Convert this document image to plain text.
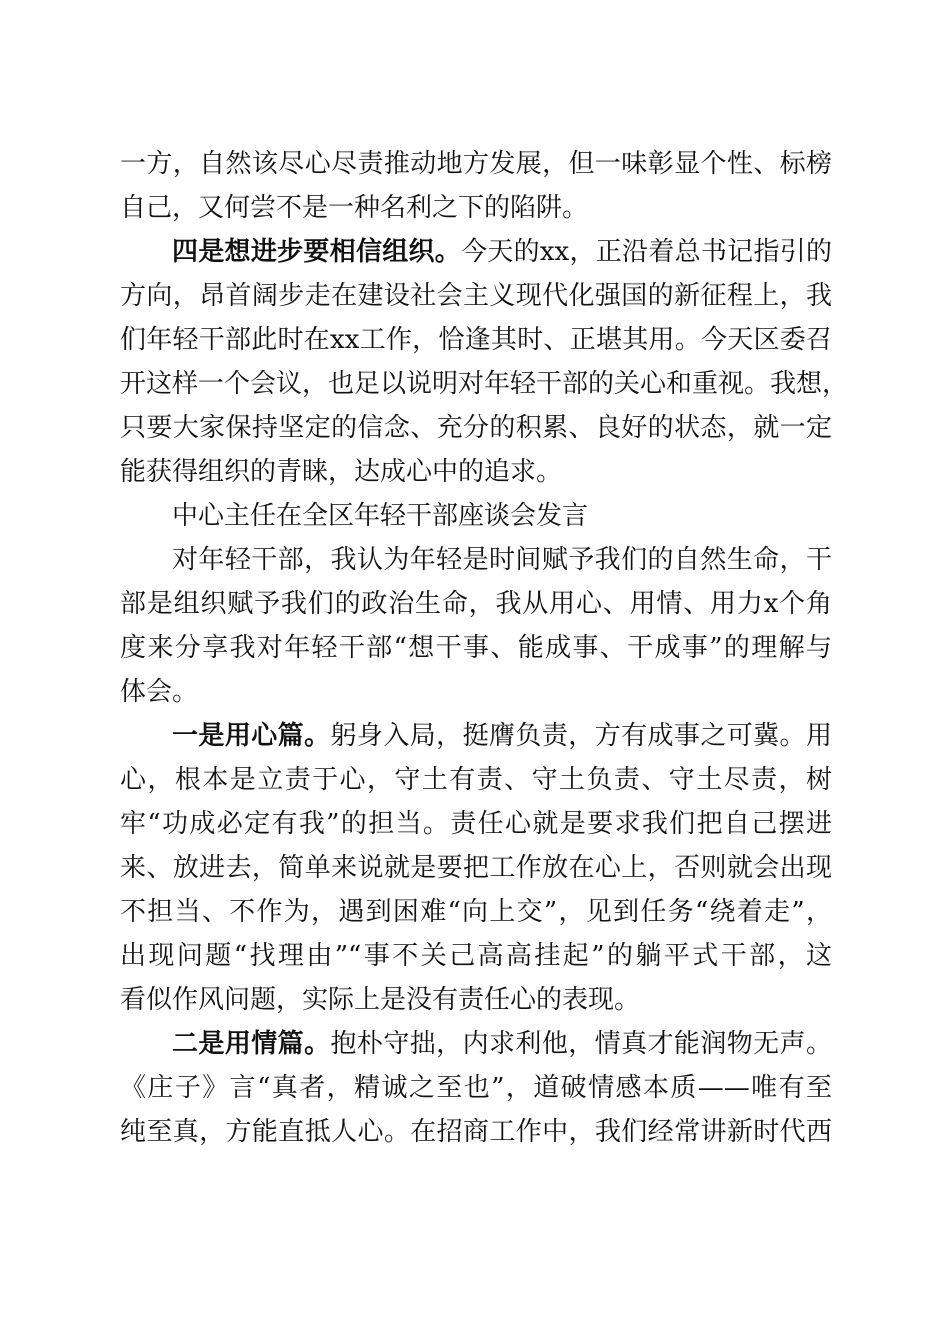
一方，自然该尽心尽责推动地方发展，但一味彰显个性、标榜
自己，又何尝不是一种名利之下的陷阱。
四是想进步要相信组织。今天的xx，正沿着总书记指引的
方向，昂首阔步走在建设社会主义现代化强国的新征程上，我
们年轻干部此时在xx工作，恰逢其时、正堪其用。今天区委召
开这样一个会议，也足以说明对年轻干部的关心和重视。我想，
只要大家保持坚定的信念、充分的积累、良好的状态，就一定
能获得组织的青睐，达成心中的追求。
中心主任在全区年轻干部座谈会发言
对年轻干部，我认为年轻是时间赋予我们的自然生命，干
部是组织赋予我们的政治生命，我从用心、用情、用力x个角
度来分享我对年轻干部“想干事、能成事、干成事”的理解与
体会。
一是用心篇。躬身入局，挺膺负责，方有成事之可冀。用
心，根本是立责于心，守土有责、守土负责、守土尽责，树
牢“功成必定有我”的担当。责任心就是要求我们把自己摆进
来、放进去，简单来说就是要把工作放在心上，否则就会出现
不担当、不作为，遇到困难“向上交”，见到任务“绕着走”，
出现问题“找理由”“事不关己高高挂起”的躺平式干部，这
看似作风问题，实际上是没有责任心的表现。
二是用情篇。抱朴守拙，内求利他，情真才能润物无声。
《庄子》言“真者，精诚之至也”，道破情感本质——唯有至
纯至真，方能直抵人心。在招商工作中，我们经常讲新时代西
